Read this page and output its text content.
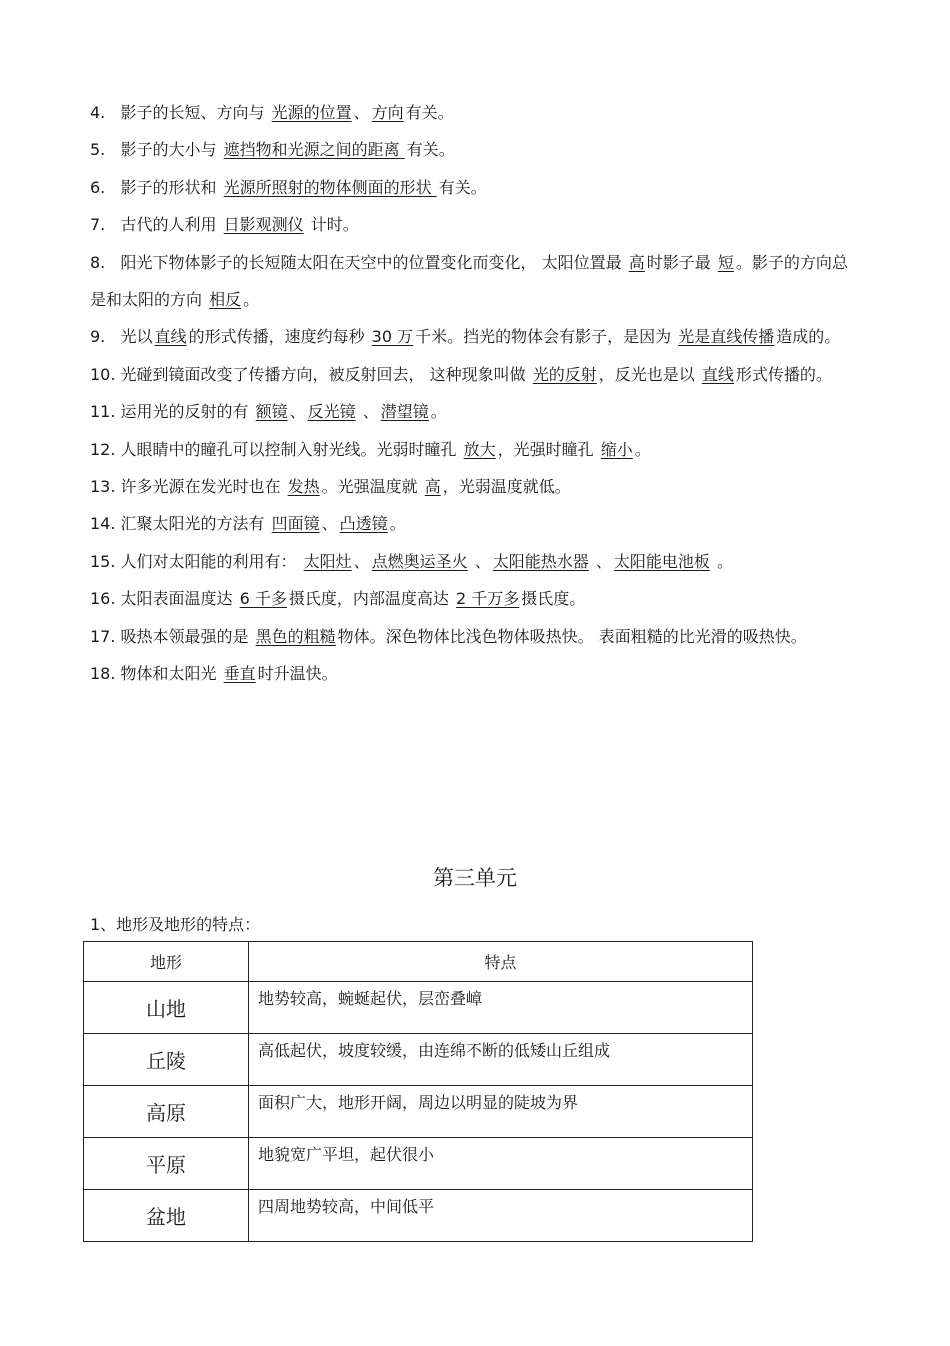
4. 影子的长短、方向与 光源的位置 、 方向 有关。
5. 影子的大小与 遮挡物和光源之间的距离 有关。
6. 影子的形状和 光源所照射的物体侧面的形状 有关。
7. 古代的人利用 日影观测仪 计时。
8. 阳光下物体影子的长短随太阳在天空中的位置变化而变化， 太阳位置最 高 时影子最 短 。影子的方向总是和太阳的方向 相反 。
9. 光以 直线 的形式传播，速度约每秒 30 万 千米。挡光的物体会有影子，是因为 光是直线传播 造成的。
10. 光碰到镜面改变了传播方向，被反射回去， 这种现象叫做 光的反射 ，反光也是以 直线 形式传播的。
11. 运用光的反射的有 额镜 、 反光镜 、 潜望镜 。
12. 人眼睛中的瞳孔可以控制入射光线。光弱时瞳孔 放大 ，光强时瞳孔 缩小 。
13. 许多光源在发光时也在 发热 。光强温度就 高 ，光弱温度就低。
14. 汇聚太阳光的方法有 凹面镜 、 凸透镜 。
15. 人们对太阳能的利用有： 太阳灶 、 点燃奥运圣火 、 太阳能热水器 、 太阳能电池板 。
16. 太阳表面温度达 6 千多 摄氏度，内部温度高达 2 千万多 摄氏度。
17. 吸热本领最强的是 黑色的粗糙 物体。深色物体比浅色物体吸热快。 表面粗糙的比光滑的吸热快。
18. 物体和太阳光 垂直 时升温快。
第三单元
1、地形及地形的特点：
地形	特点
山地	地势较高，蜿蜒起伏，层峦叠嶂
丘陵	高低起伏，坡度较缓，由连绵不断的低矮山丘组成
高原	面积广大，地形开阔，周边以明显的陡坡为界
平原	地貌宽广平坦，起伏很小
盆地	四周地势较高，中间低平
